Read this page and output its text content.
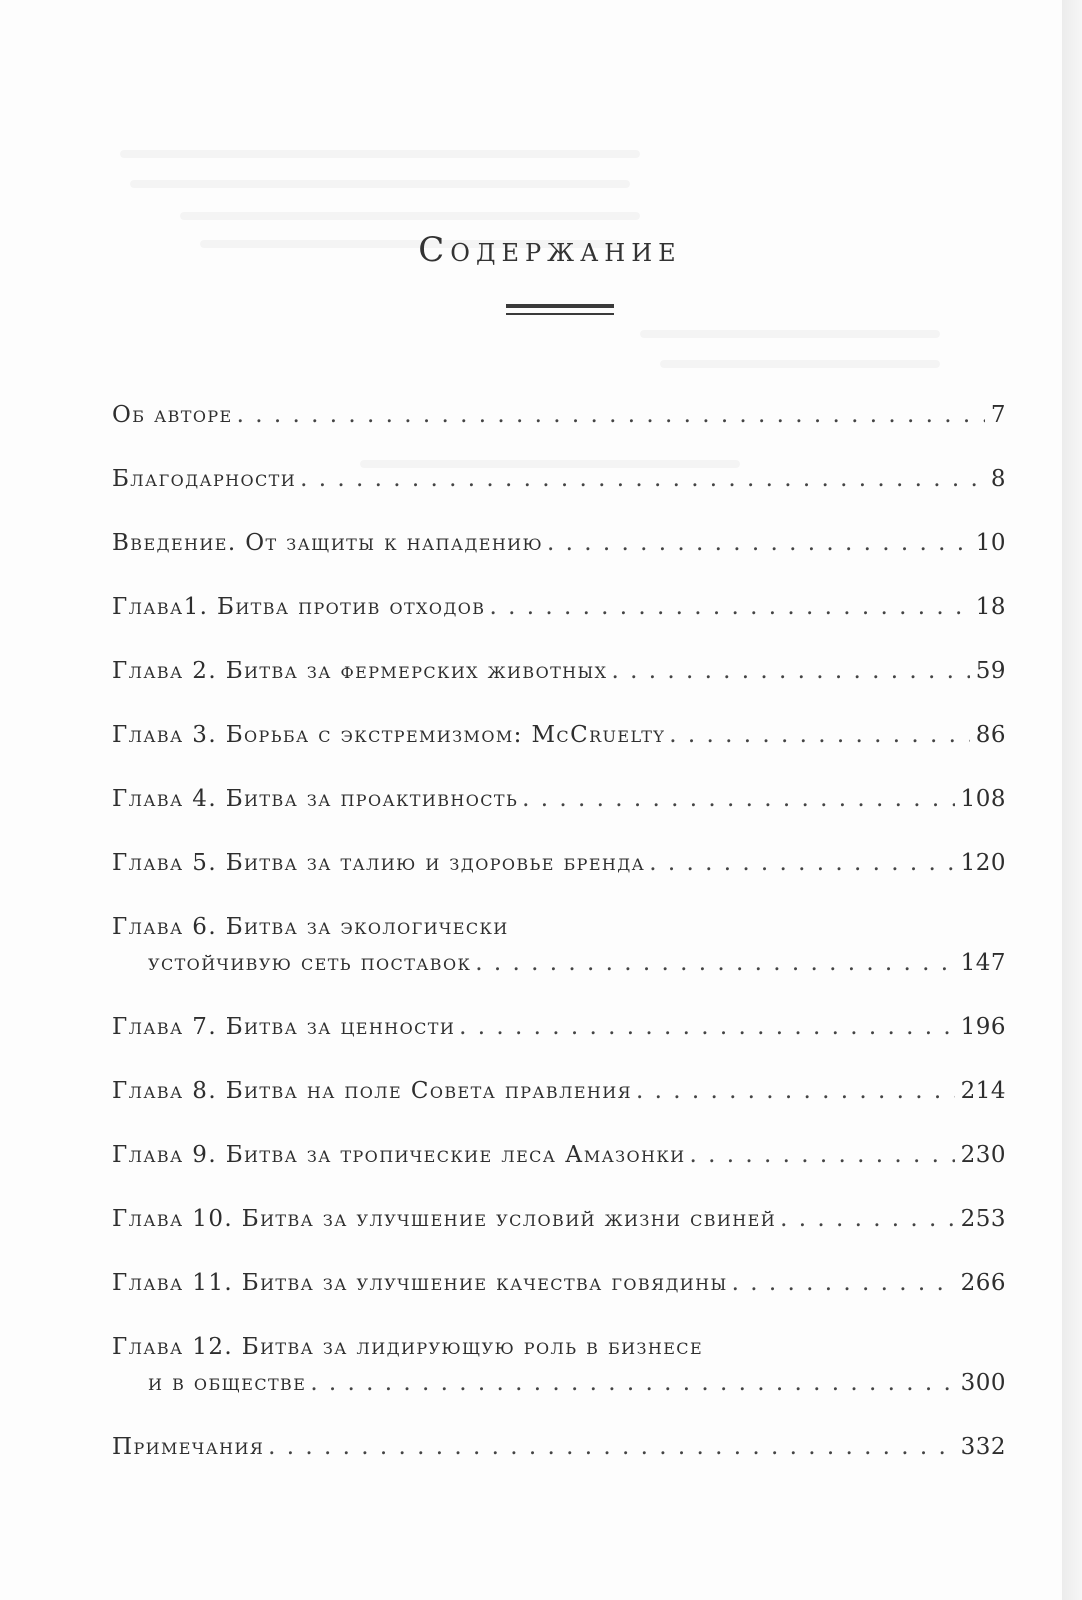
Содержание
Об авторе . . .	7
Благодарности . . .	8
Введение. От защиты к нападению . . .	10
Глава1. Битва против отходов . . .	18
Глава 2. Битва за фермерских животных . . .	59
Глава 3. Борьба с экстремизмом: McCruelty . . .	86
Глава 4. Битва за проактивность . . .	108
Глава 5. Битва за талию и здоровье бренда . . .	120
Глава 6. Битва за экологически
устойчивую сеть поставок . . .	147
Глава 7. Битва за ценности . . .	196
Глава 8. Битва на поле Совета правления . . .	214
Глава 9. Битва за тропические леса Амазонки . . .	230
Глава 10. Битва за улучшение условий жизни свиней . . .	253
Глава 11. Битва за улучшение качества говядины . . .	266
Глава 12. Битва за лидирующую роль в бизнесе
и в обществе . . .	300
Примечания . . .	332
